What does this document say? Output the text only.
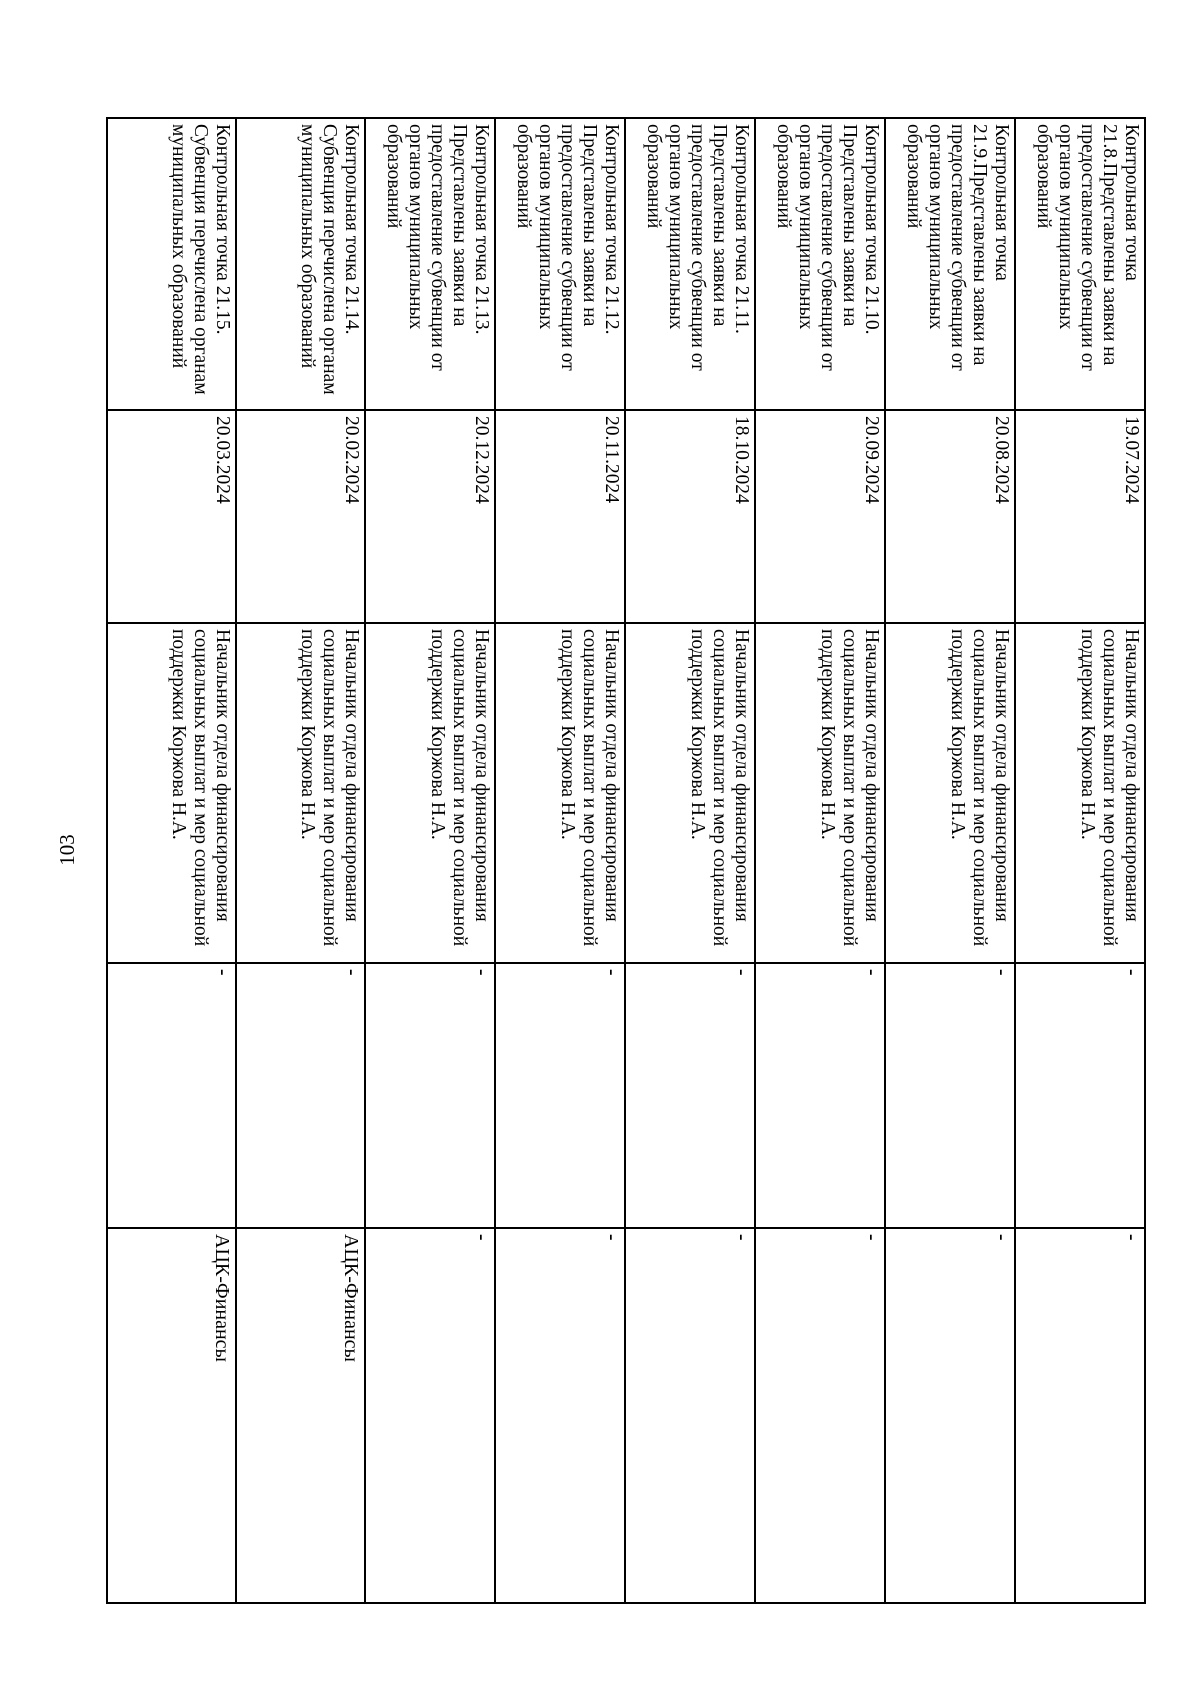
103
Контрольная точка 21.8.Представлены заявки на предоставление субвенции от органов муниципальных образований	19.07.2024	Начальник отдела финансирования социальных выплат и мер социальной поддержки Коржова Н.А.	-	-
Контрольная точка 21.9.Представлены заявки на предоставление субвенции от органов муниципальных образований	20.08.2024	Начальник отдела финансирования социальных выплат и мер социальной поддержки Коржова Н.А.	-	-
Контрольная точка 21.10. Представлены заявки на предоставление субвенции от органов муниципальных образований	20.09.2024	Начальник отдела финансирования социальных выплат и мер социальной поддержки Коржова Н.А.	-	-
Контрольная точка 21.11. Представлены заявки на предоставление субвенции от органов муниципальных образований	18.10.2024	Начальник отдела финансирования социальных выплат и мер социальной поддержки Коржова Н.А.	-	-
Контрольная точка 21.12. Представлены заявки на предоставление субвенции от органов муниципальных образований	20.11.2024	Начальник отдела финансирования социальных выплат и мер социальной поддержки Коржова Н.А.	-	-
Контрольная точка 21.13. Представлены заявки на предоставление субвенции от органов муниципальных образований	20.12.2024	Начальник отдела финансирования социальных выплат и мер социальной поддержки Коржова Н.А.	-	-
Контрольная точка 21.14. Субвенция перечислена органам муниципальных образований	20.02.2024	Начальник отдела финансирования социальных выплат и мер социальной поддержки Коржова Н.А.	-	АЦК-Финансы
Контрольная точка 21.15. Субвенция перечислена органам муниципальных образований	20.03.2024	Начальник отдела финансирования социальных выплат и мер социальной поддержки Коржова Н.А.	-	АЦК-Финансы
